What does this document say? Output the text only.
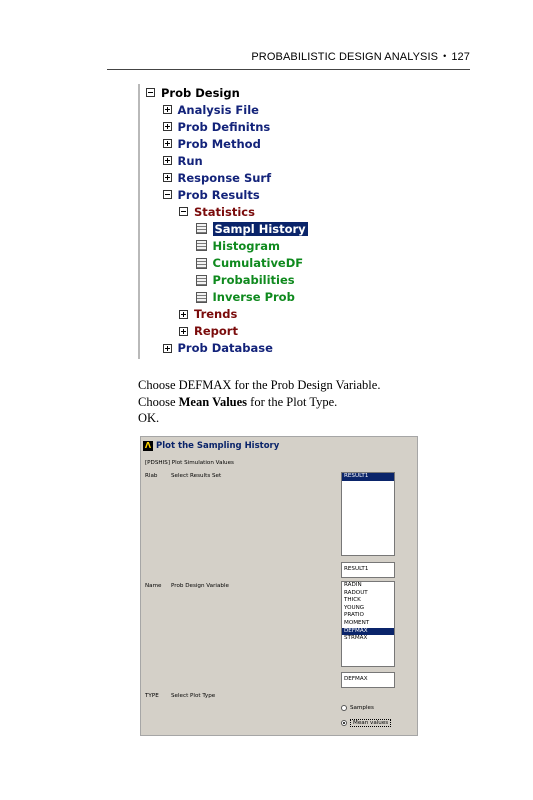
PROBABILISTIC DESIGN ANALYSIS • 127
Prob Design
Analysis File
Prob Definitns
Prob Method
Run
Response Surf
Prob Results
Statistics
Sampl History
Histogram
CumulativeDF
Probabilities
Inverse Prob
Trends
Report
Prob Database
Choose DEFMAX for the Prob Design Variable.
Choose Mean Values for the Plot Type.
OK.
Λ Plot the Sampling History
[PDSHIS] Plot Simulation Values
Rlab Select Results Set	RESULT1
RESULT1
Name Prob Design Variable	RADIN
RADOUT
THICK
YOUNG
PRATIO
MOMENT
DEFMAX
STRMAX
DEFMAX
TYPE Select Plot Type
Samples
Mean values
